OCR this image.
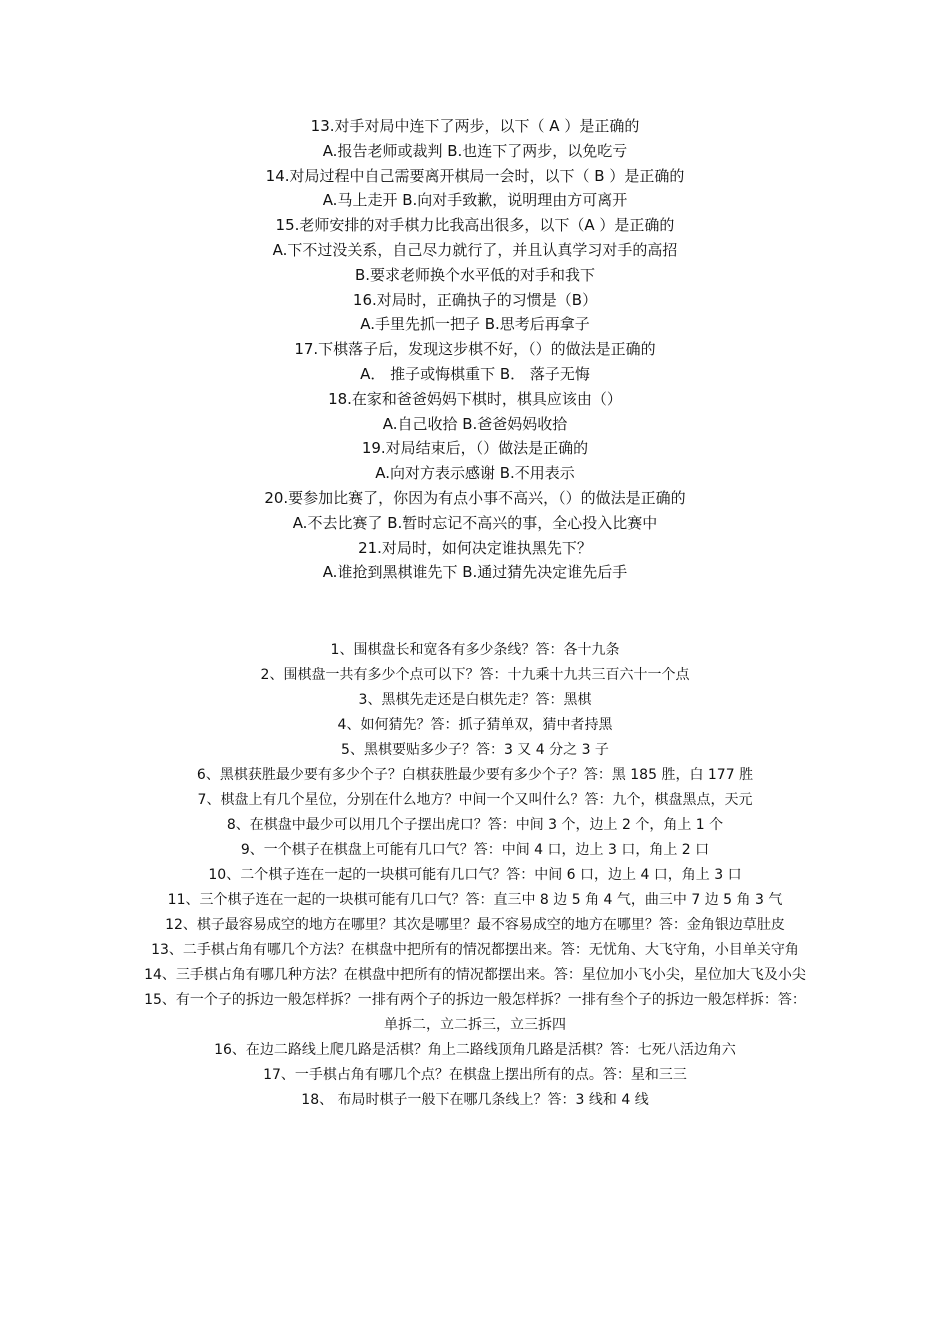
13.对手对局中连下了两步，以下（ A ）是正确的
A.报告老师或裁判 B.也连下了两步，以免吃亏
14.对局过程中自己需要离开棋局一会时，以下（ B ）是正确的
A.马上走开 B.向对手致歉，说明理由方可离开
15.老师安排的对手棋力比我高出很多，以下（A ）是正确的
A.下不过没关系，自己尽力就行了，并且认真学习对手的高招
B.要求老师换个水平低的对手和我下
16.对局时，正确执子的习惯是（B）
A.手里先抓一把子 B.思考后再拿子
17.下棋落子后，发现这步棋不好，（）的做法是正确的
A． 推子或悔棋重下 B． 落子无悔
18.在家和爸爸妈妈下棋时，棋具应该由（）
A.自己收拾 B.爸爸妈妈收拾
19.对局结束后，（）做法是正确的
A.向对方表示感谢 B.不用表示
20.要参加比赛了，你因为有点小事不高兴，（）的做法是正确的
A.不去比赛了 B.暂时忘记不高兴的事，全心投入比赛中
21.对局时，如何决定谁执黑先下？
A.谁抢到黑棋谁先下 B.通过猜先决定谁先后手
1、围棋盘长和宽各有多少条线？答：各十九条
2、围棋盘一共有多少个点可以下？答：十九乘十九共三百六十一个点
3、黑棋先走还是白棋先走？答：黑棋
4、如何猜先？答：抓子猜单双，猜中者持黑
5、黑棋要贴多少子？答：3 又 4 分之 3 子
6、黑棋获胜最少要有多少个子？白棋获胜最少要有多少个子？答：黑 185 胜，白 177 胜
7、棋盘上有几个星位，分别在什么地方？中间一个又叫什么？答：九个，棋盘黑点，天元
8、在棋盘中最少可以用几个子摆出虎口？答：中间 3 个，边上 2 个，角上 1 个
9、一个棋子在棋盘上可能有几口气？答：中间 4 口，边上 3 口，角上 2 口
10、二个棋子连在一起的一块棋可能有几口气？答：中间 6 口，边上 4 口，角上 3 口
11、三个棋子连在一起的一块棋可能有几口气？答：直三中 8 边 5 角 4 气，曲三中 7 边 5 角 3 气
12、棋子最容易成空的地方在哪里？其次是哪里？最不容易成空的地方在哪里？答：金角银边草肚皮
13、二手棋占角有哪几个方法？在棋盘中把所有的情况都摆出来。答：无忧角、大飞守角，小目单关守角
14、三手棋占角有哪几种方法？在棋盘中把所有的情况都摆出来。答：星位加小飞小尖，星位加大飞及小尖
15、有一个子的拆边一般怎样拆？一排有两个子的拆边一般怎样拆？一排有叁个子的拆边一般怎样拆：答：单拆二，立二拆三，立三拆四
16、在边二路线上爬几路是活棋？角上二路线顶角几路是活棋？答：七死八活边角六
17、一手棋占角有哪几个点？在棋盘上摆出所有的点。答：星和三三
18、 布局时棋子一般下在哪几条线上？答：3 线和 4 线
